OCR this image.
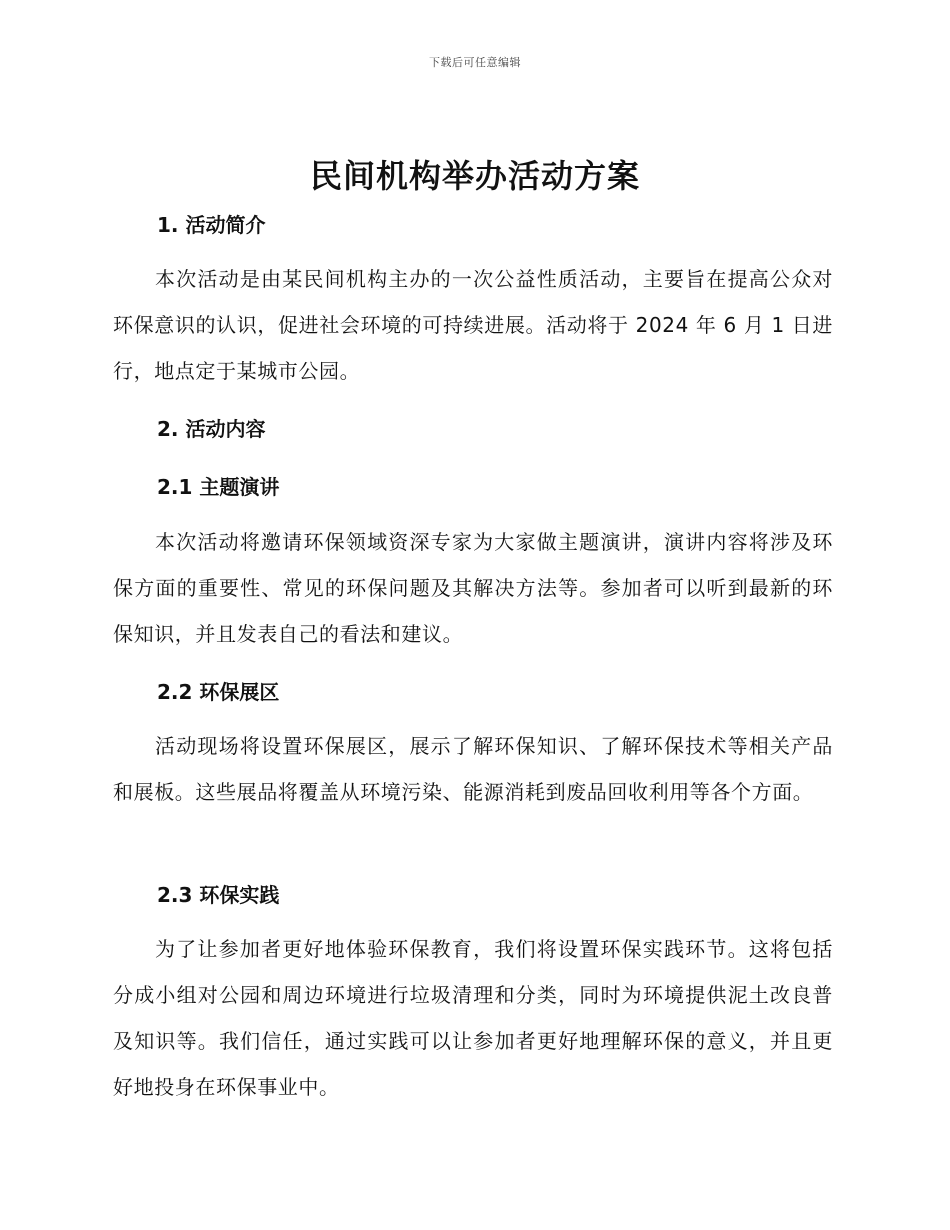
下载后可任意编辑
民间机构举办活动方案
1. 活动简介

本次活动是由某民间机构主办的一次公益性质活动，主要旨在提高公众对环保意识的认识，促进社会环境的可持续进展。活动将于 2024 年 6 月 1 日进行，地点定于某城市公园。

2. 活动内容
2.1 主题演讲

本次活动将邀请环保领域资深专家为大家做主题演讲，演讲内容将涉及环保方面的重要性、常见的环保问题及其解决方法等。参加者可以听到最新的环保知识，并且发表自己的看法和建议。

2.2 环保展区

活动现场将设置环保展区，展示了解环保知识、了解环保技术等相关产品和展板。这些展品将覆盖从环境污染、能源消耗到废品回收利用等各个方面。

2.3 环保实践

为了让参加者更好地体验环保教育，我们将设置环保实践环节。这将包括分成小组对公园和周边环境进行垃圾清理和分类，同时为环境提供泥土改良普及知识等。我们信任，通过实践可以让参加者更好地理解环保的意义，并且更好地投身在环保事业中。
